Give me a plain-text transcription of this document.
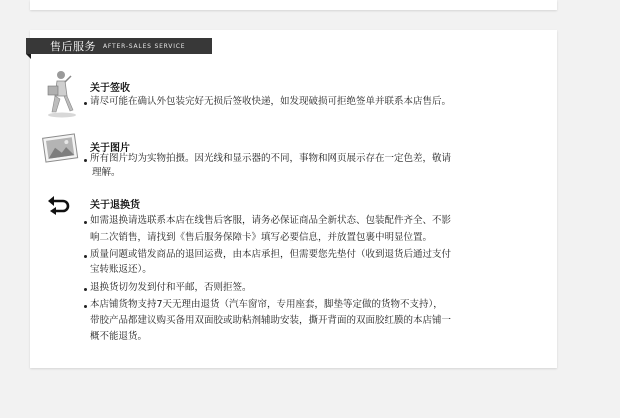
售后服务	AFTER-SALES SERVICE
关于签收
请尽可能在确认外包装完好无损后签收快递，如发现破损可拒绝签单并联系本店售后。
关于图片
所有图片均为实物拍摄。因光线和显示器的不同，事物和网页展示存在一定色差，敬请
理解。
关于退换货
如需退换请选联系本店在线售后客服，请务必保证商品全新状态、包装配件齐全、不影
响二次销售，请找到《售后服务保障卡》填写必要信息，并放置包裹中明显位置。
质量问题或错发商品的退回运费，由本店承担，但需要您先垫付（收到退货后通过支付
宝转账返还）。
退换货切勿发到付和平邮，否则拒签。
本店铺货物支持7天无理由退货（汽车窗帘，专用座套，脚垫等定做的货物不支持），
带胶产品都建议购买备用双面胶或助粘剂辅助安装，撕开背面的双面胶红膜的本店铺一
概不能退货。
